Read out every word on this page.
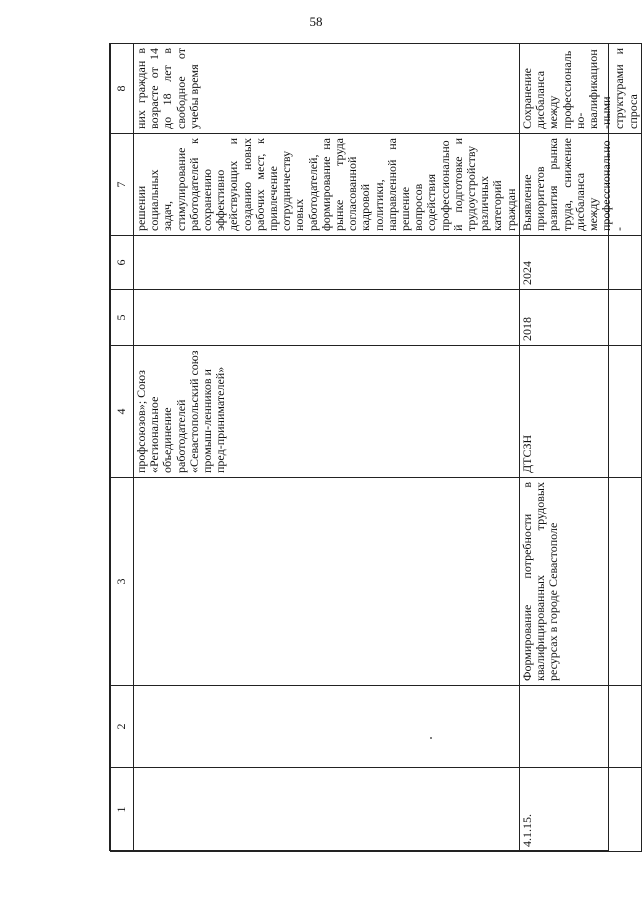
58
1	2	3	4	5	6	7	8
			профсоюзов»; Союз «Региональное объединение работодателей «Севастопольский союз промыш-ленников и пред-принимателей»			решении социальных задач, стимулирование работодателей к сохранению эффективно действующих и созданию новых рабочих мест, к привлечение сотрудничеству новых работодателей, формирование на рынке труда согласованной кадровой политики, направленной на решение вопросов содействия профессиональной подготовке и трудоустройству различных категорий граждан	них граждан в возрасте от 14 до 18 лет в свободное от учебы время
4.1.15.		Формирование потребности в квалифицированных трудовых ресурсах в городе Севастополе	ДТСЗН	2018	2024	Выявление приоритетов развития рынка труда, снижение дисбаланса между профессионально-	Сохранение дисбаланса между профессионально-квалификацион-ными структурами и спроса
